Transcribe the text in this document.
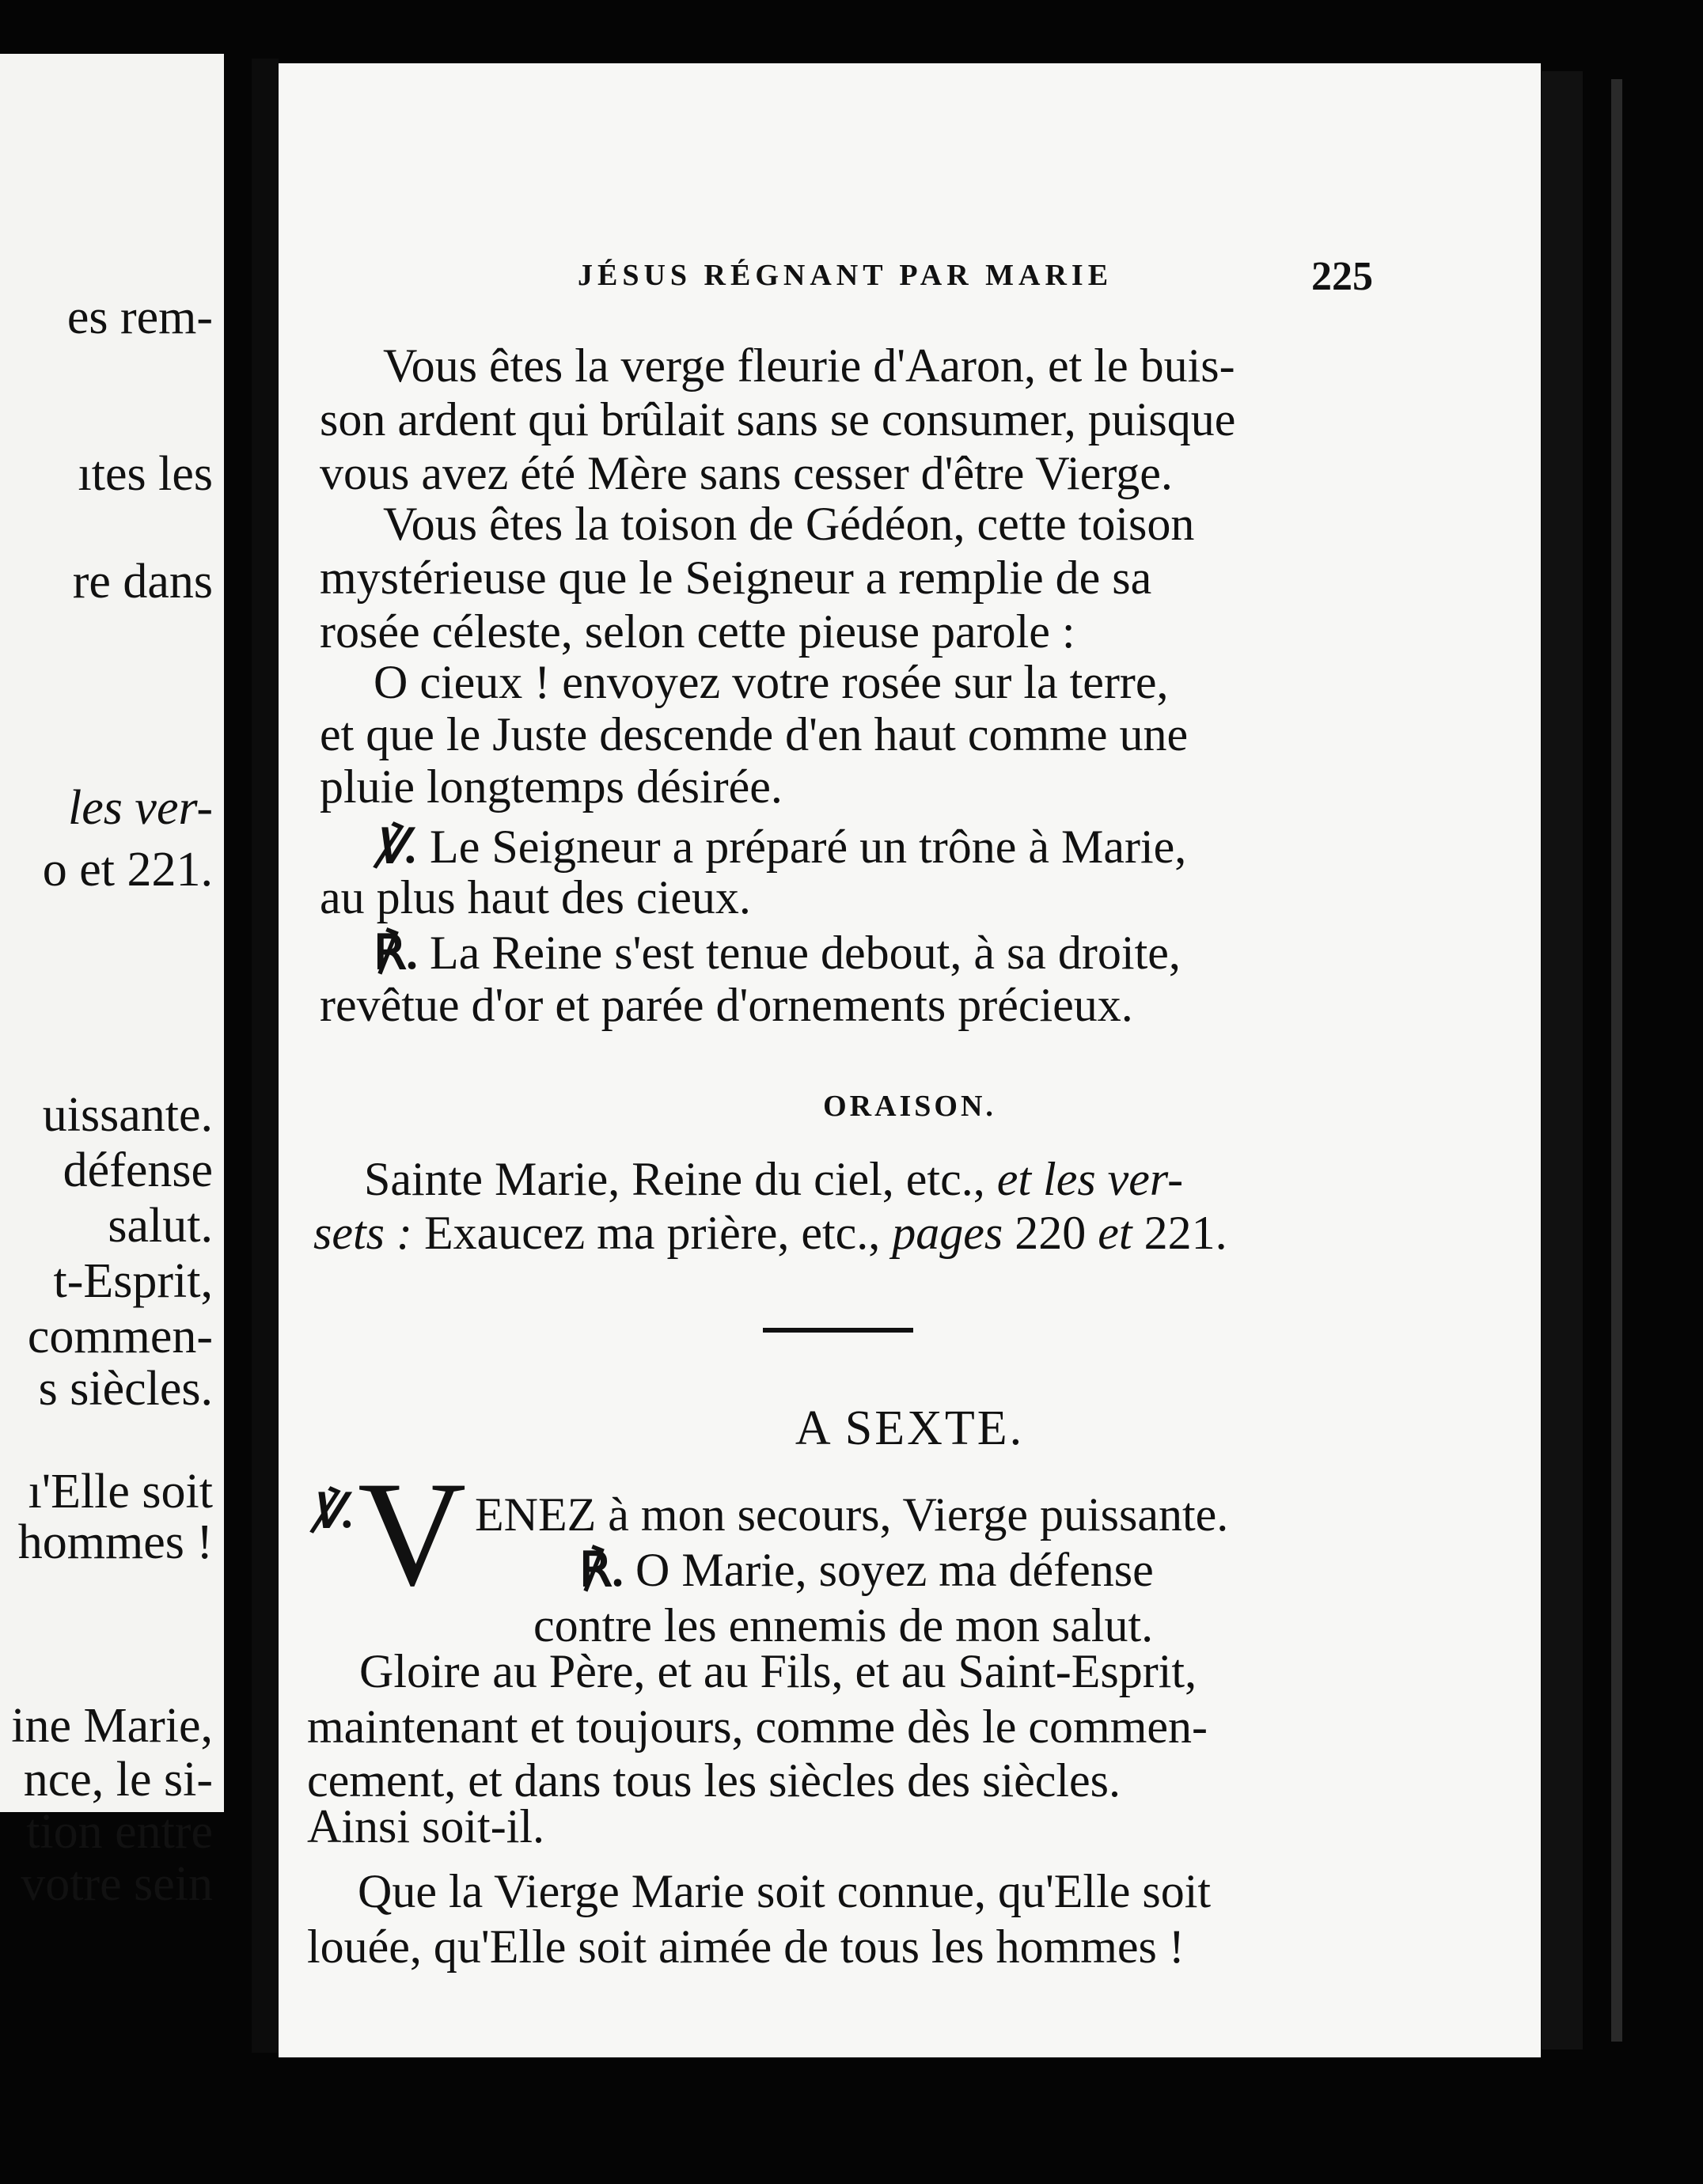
es rem-
ıtes les
re dans
les ver-
o et 221.
uissante.
défense
salut.
t-Esprit,
commen-
s siècles.
ı'Elle soit
hommes !
ine Marie,
nce, le si-
tion entre
votre sein
JÉSUS RÉGNANT PAR MARIE	225
Vous êtes la verge fleurie d'Aaron, et le buis-
son ardent qui brûlait sans se consumer, puisque
vous avez été Mère sans cesser d'être Vierge.
Vous êtes la toison de Gédéon, cette toison
mystérieuse que le Seigneur a remplie de sa
rosée céleste, selon cette pieuse parole :
O cieux ! envoyez votre rosée sur la terre,
et que le Juste descende d'en haut comme une
pluie longtemps désirée.
℣. Le Seigneur a préparé un trône à Marie,
au plus haut des cieux.
℟. La Reine s'est tenue debout, à sa droite,
revêtue d'or et parée d'ornements précieux.
ORAISON.
Sainte Marie, Reine du ciel, etc., et les ver-
sets : Exaucez ma prière, etc., pages 220 et 221.
A SEXTE.
℣. V ENEZ à mon secours, Vierge puissante.
℟. O Marie, soyez ma défense
contre les ennemis de mon salut.
Gloire au Père, et au Fils, et au Saint-Esprit,
maintenant et toujours, comme dès le commen-
cement, et dans tous les siècles des siècles.
Ainsi soit-il.
Que la Vierge Marie soit connue, qu'Elle soit
louée, qu'Elle soit aimée de tous les hommes !
